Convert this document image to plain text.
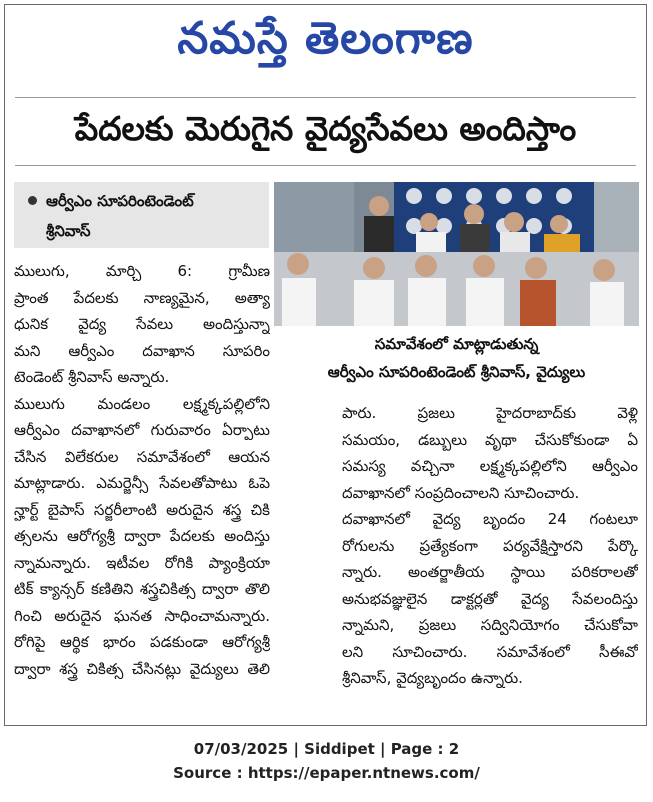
నమస్తే తెలంగాణ
పేదలకు మెరుగైన వైద్యసేవలు అందిస్తాం
ఆర్వీఎం సూపరింటెండెంట్
శ్రీనివాస్
సమావేశంలో మాట్లాడుతున్న
ఆర్వీఎం సూపరింటెండెంట్ శ్రీనివాస్, వైద్యులు

ములుగు, మార్చి 6: గ్రామీణ

ప్రాంత పేదలకు నాణ్యమైన, అత్యా

ధునిక వైద్య సేవలు అందిస్తున్నా

మని ఆర్వీఎం దవాఖాన సూపరిం

టెండెంట్ శ్రీనివాస్ అన్నారు.

ములుగు మండలం లక్ష్మక్కపల్లిలోని

ఆర్వీఎం దవాఖానలో గురువారం ఏర్పాటు

చేసిన విలేకరుల సమావేశంలో ఆయన

మాట్లాడారు. ఎమర్జెన్సీ సేవలతోపాటు ఓపె

న్హార్ట్ బైపాస్ సర్జరీలాంటి అరుదైన శస్త్ర చికి

త్సలను ఆరోగ్యశ్రీ ద్వారా పేదలకు అందిస్తు

న్నామన్నారు. ఇటీవల రోగికి ప్యాంక్రియా

టిక్ క్యాన్సర్ కణితిని శస్త్రచికిత్స ద్వారా తొలి

గించి అరుదైన ఘనత సాధించామన్నారు.

రోగిపై ఆర్థిక భారం పడకుండా ఆరోగ్యశ్రీ

ద్వారా శస్త్ర చికిత్స చేసినట్లు వైద్యులు తెలి

పారు. ప్రజలు హైదరాబాద్‌కు వెళ్లి

సమయం, డబ్బులు వృథా చేసుకోకుండా ఏ

సమస్య వచ్చినా లక్ష్మక్కపల్లిలోని ఆర్వీఎం

దవాఖానలో సంప్రదించాలని సూచించారు.

దవాఖానలో వైద్య బృందం 24 గంటలూ

రోగులను ప్రత్యేకంగా పర్యవేక్షిస్తారని పేర్కొ

న్నారు. అంతర్జాతీయ స్థాయి పరికరాలతో

అనుభవజ్ఞులైన డాక్టర్లతో వైద్య సేవలందిస్తు

న్నామని, ప్రజలు సద్వినియోగం చేసుకోవా

లని సూచించారు. సమావేశంలో సీఈవో

శ్రీనివాస్, వైద్యబృందం ఉన్నారు.

07/03/2025 | Siddipet | Page : 2
Source : https://epaper.ntnews.com/
